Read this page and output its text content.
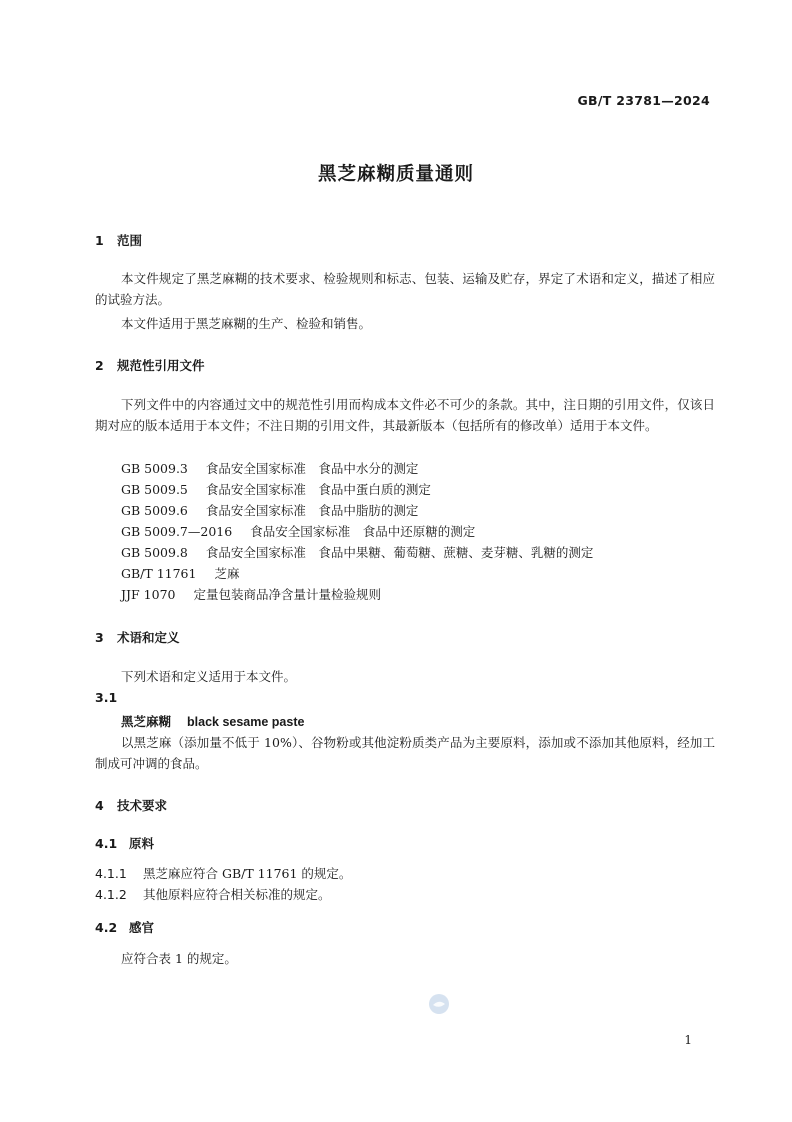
GB/T 23781—2024
黑芝麻糊质量通则
1 范围
本文件规定了黑芝麻糊的技术要求、检验规则和标志、包装、运输及贮存，界定了术语和定义，描述了相应的试验方法。
本文件适用于黑芝麻糊的生产、检验和销售。
2 规范性引用文件
下列文件中的内容通过文中的规范性引用而构成本文件必不可少的条款。其中，注日期的引用文件，仅该日期对应的版本适用于本文件；不注日期的引用文件，其最新版本（包括所有的修改单）适用于本文件。
GB 5009.3 食品安全国家标准　食品中水分的测定
GB 5009.5 食品安全国家标准　食品中蛋白质的测定
GB 5009.6 食品安全国家标准　食品中脂肪的测定
GB 5009.7—2016 食品安全国家标准　食品中还原糖的测定
GB 5009.8 食品安全国家标准　食品中果糖、葡萄糖、蔗糖、麦芽糖、乳糖的测定
GB/T 11761 芝麻
JJF 1070 定量包装商品净含量计量检验规则
3 术语和定义
下列术语和定义适用于本文件。
3.1
黑芝麻糊 black sesame paste
以黑芝麻（添加量不低于 10%）、谷物粉或其他淀粉质类产品为主要原料，添加或不添加其他原料，经加工制成可冲调的食品。
4 技术要求
4.1 原料
4.1.1 黑芝麻应符合 GB/T 11761 的规定。
4.1.2 其他原料应符合相关标准的规定。
4.2 感官
应符合表 1 的规定。
1
